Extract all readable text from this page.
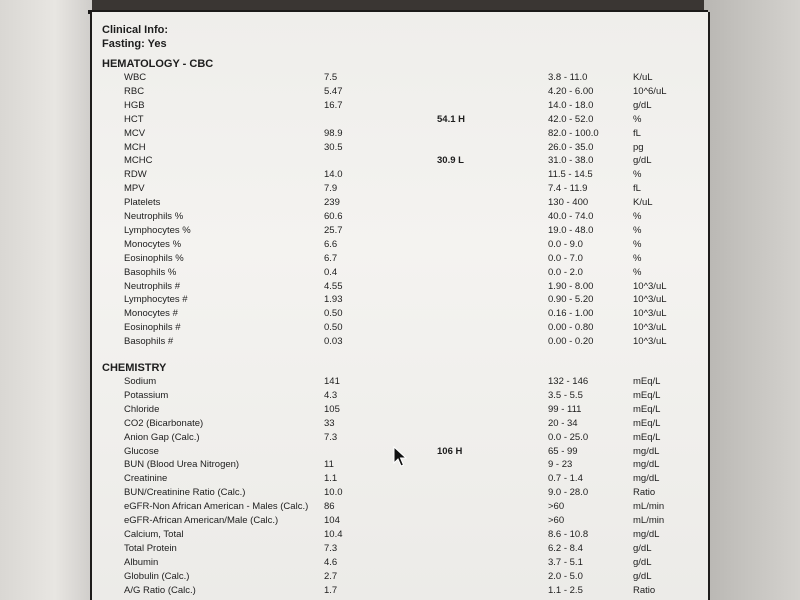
Clinical Info:
Fasting: Yes
HEMATOLOGY - CBC
WBC	7.5	3.8 - 11.0	K/uL
RBC	5.47	4.20 - 6.00	10^6/uL
HGB	16.7	14.0 - 18.0	g/dL
HCT	54.1 H	42.0 - 52.0	%
MCV	98.9	82.0 - 100.0	fL
MCH	30.5	26.0 - 35.0	pg
MCHC	30.9 L	31.0 - 38.0	g/dL
RDW	14.0	11.5 - 14.5	%
MPV	7.9	7.4 - 11.9	fL
Platelets	239	130 - 400	K/uL
Neutrophils %	60.6	40.0 - 74.0	%
Lymphocytes %	25.7	19.0 - 48.0	%
Monocytes %	6.6	0.0 - 9.0	%
Eosinophils %	6.7	0.0 - 7.0	%
Basophils %	0.4	0.0 - 2.0	%
Neutrophils #	4.55	1.90 - 8.00	10^3/uL
Lymphocytes #	1.93	0.90 - 5.20	10^3/uL
Monocytes #	0.50	0.16 - 1.00	10^3/uL
Eosinophils #	0.50	0.00 - 0.80	10^3/uL
Basophils #	0.03	0.00 - 0.20	10^3/uL
CHEMISTRY
Sodium	141	132 - 146	mEq/L
Potassium	4.3	3.5 - 5.5	mEq/L
Chloride	105	99 - 111	mEq/L
CO2 (Bicarbonate)	33	20 - 34	mEq/L
Anion Gap (Calc.)	7.3	0.0 - 25.0	mEq/L
Glucose	106 H	65 - 99	mg/dL
BUN (Blood Urea Nitrogen)	11	9 - 23	mg/dL
Creatinine	1.1	0.7 - 1.4	mg/dL
BUN/Creatinine Ratio (Calc.)	10.0	9.0 - 28.0	Ratio
eGFR-Non African American - Males (Calc.) 86	>60	mL/min
eGFR-African American/Male (Calc.)	104	>60	mL/min
Calcium, Total	10.4	8.6 - 10.8	mg/dL
Total Protein	7.3	6.2 - 8.4	g/dL
Albumin	4.6	3.7 - 5.1	g/dL
Globulin (Calc.)	2.7	2.0 - 5.0	g/dL
A/G Ratio (Calc.)	1.7	1.1 - 2.5	Ratio
